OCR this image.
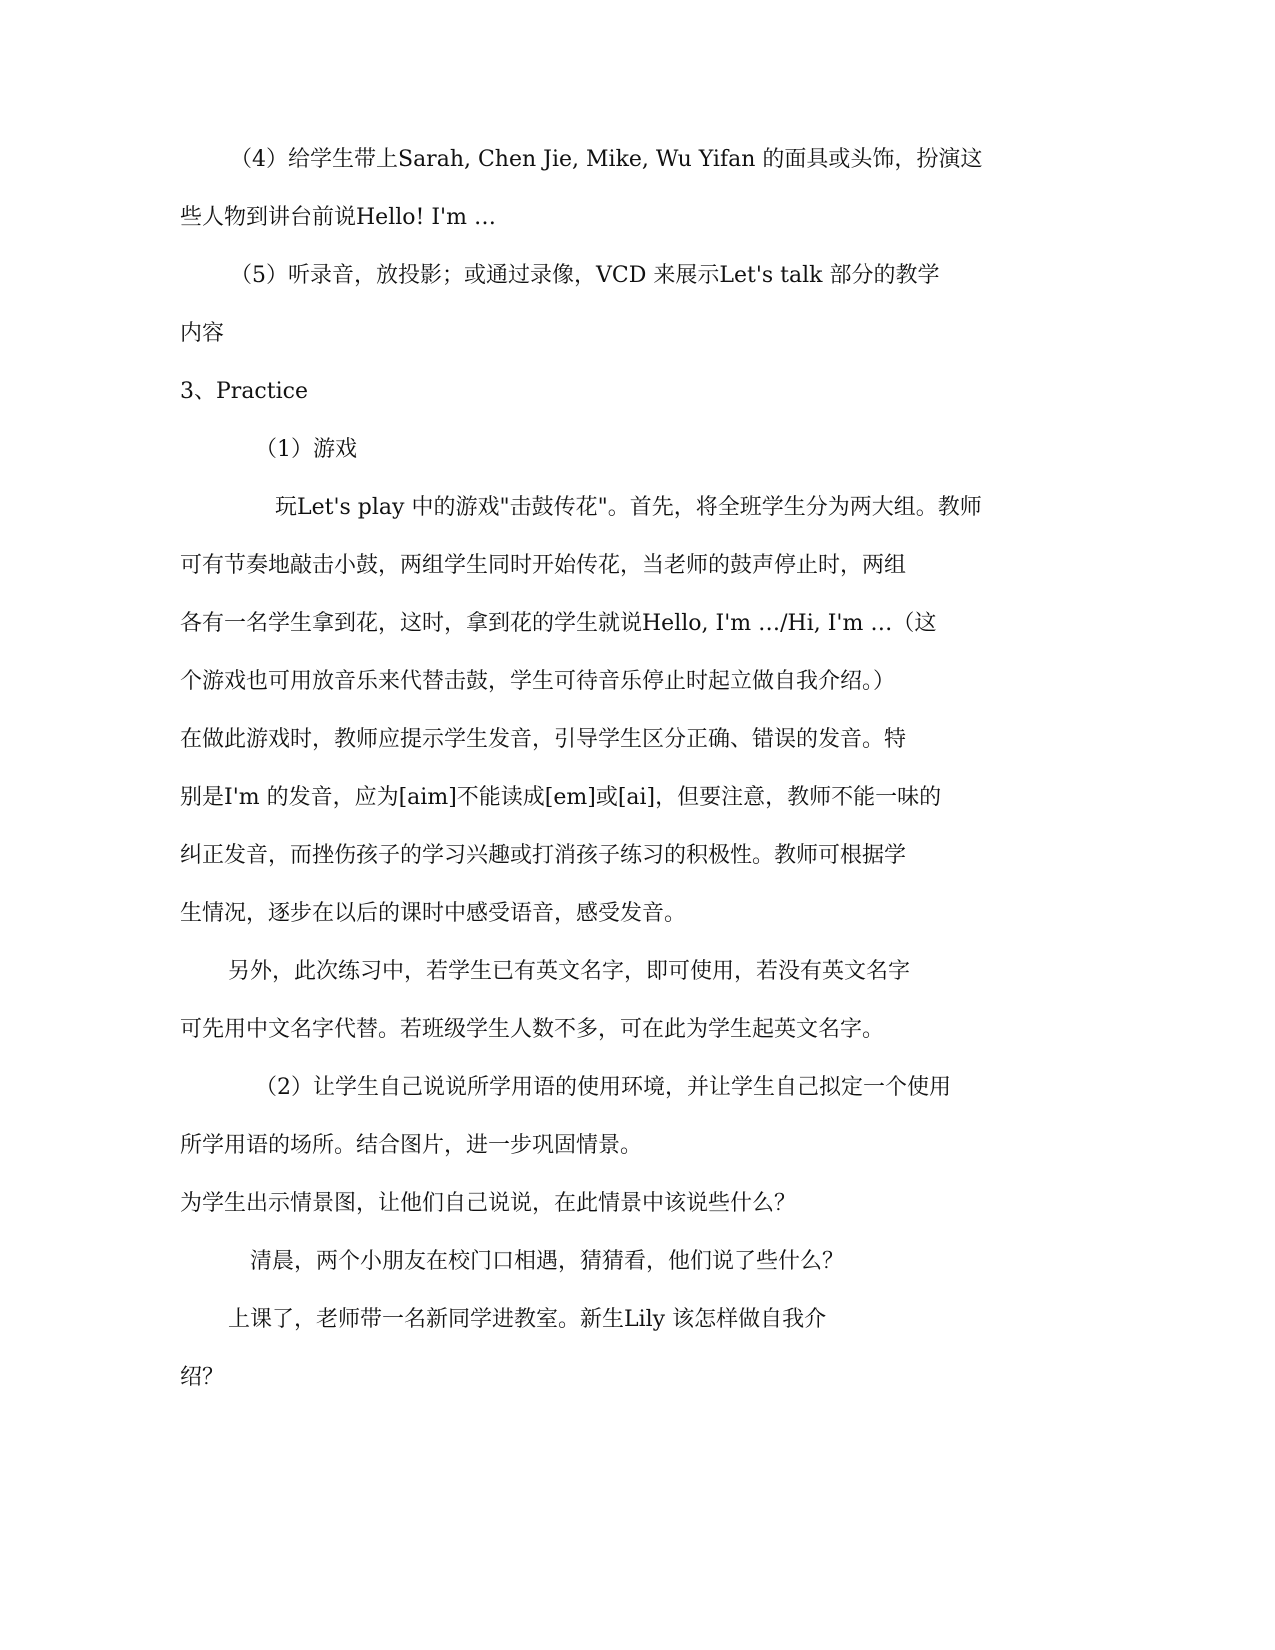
（4）给学生带上Sarah, Chen Jie, Mike, Wu Yifan 的面具或头饰，扮演这
些人物到讲台前说Hello! I'm …
（5）听录音，放投影；或通过录像，VCD 来展示Let's talk 部分的教学
内容
3、Practice
（1）游戏
玩Let's play 中的游戏"击鼓传花"。首先，将全班学生分为两大组。教师
可有节奏地敲击小鼓，两组学生同时开始传花，当老师的鼓声停止时，两组
各有一名学生拿到花，这时，拿到花的学生就说Hello, I'm …/Hi, I'm …（这
个游戏也可用放音乐来代替击鼓，学生可待音乐停止时起立做自我介绍。）
在做此游戏时，教师应提示学生发音，引导学生区分正确、错误的发音。特
别是I'm 的发音，应为[aim]不能读成[em]或[ai]，但要注意，教师不能一味的
纠正发音，而挫伤孩子的学习兴趣或打消孩子练习的积极性。教师可根据学
生情况，逐步在以后的课时中感受语音，感受发音。
另外，此次练习中，若学生已有英文名字，即可使用，若没有英文名字
可先用中文名字代替。若班级学生人数不多，可在此为学生起英文名字。
（2）让学生自己说说所学用语的使用环境，并让学生自己拟定一个使用
所学用语的场所。结合图片，进一步巩固情景。
为学生出示情景图，让他们自己说说，在此情景中该说些什么？
清晨，两个小朋友在校门口相遇，猜猜看，他们说了些什么？
上课了，老师带一名新同学进教室。新生Lily 该怎样做自我介
绍？
